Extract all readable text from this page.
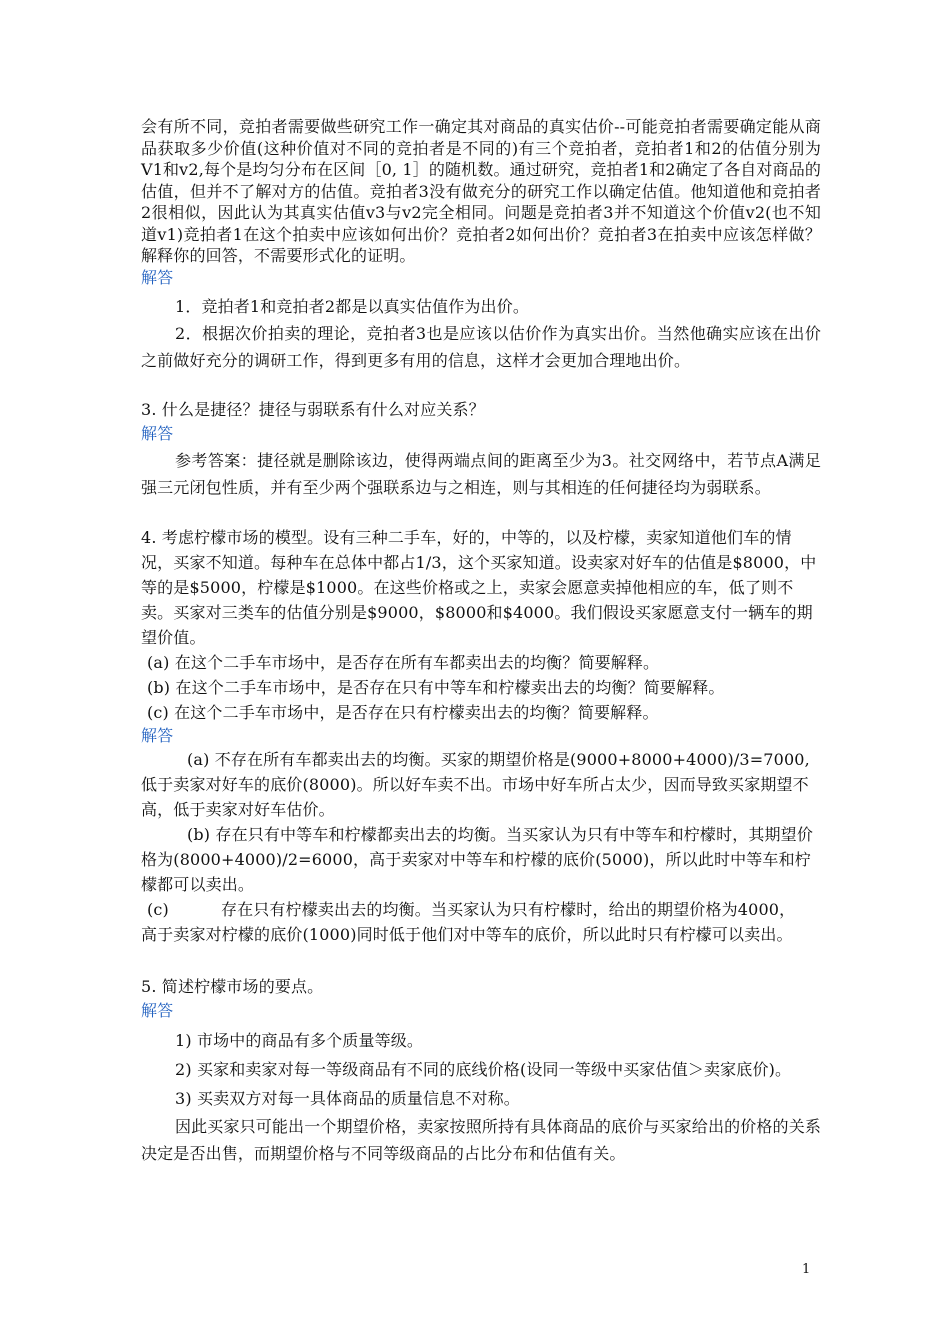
会有所不同，竞拍者需要做些研究工作一确定其对商品的真实估价--可能竞拍者需要确定能从商品获取多少价值(这种价值对不同的竞拍者是不同的)有三个竞拍者，竞拍者1和2的估值分别为V1和v2,每个是均匀分布在区间［0, 1］的随机数。通过研究，竞拍者1和2确定了各自对商品的估值，但并不了解对方的估值。竞拍者3没有做充分的研究工作以确定估值。他知道他和竞拍者2很相似，因此认为其真实估值v3与v2完全相同。问题是竞拍者3并不知道这个价值v2(也不知道v1)竞拍者1在这个拍卖中应该如何出价？竞拍者2如何出价？竞拍者3在拍卖中应该怎样做？解释你的回答，不需要形式化的证明。

解答

1．竞拍者1和竞拍者2都是以真实估值作为出价。

2．根据次价拍卖的理论，竞拍者3也是应该以估价作为真实出价。当然他确实应该在出价之前做好充分的调研工作，得到更多有用的信息，这样才会更加合理地出价。

3. 什么是捷径？捷径与弱联系有什么对应关系？

解答

参考答案：捷径就是删除该边，使得两端点间的距离至少为3。社交网络中，若节点A满足强三元闭包性质，并有至少两个强联系边与之相连，则与其相连的任何捷径均为弱联系。

4. 考虑柠檬市场的模型。设有三种二手车，好的，中等的，以及柠檬，卖家知道他们车的情况，买家不知道。每种车在总体中都占1/3，这个买家知道。设卖家对好车的估值是$8000，中等的是$5000，柠檬是$1000。在这些价格或之上，卖家会愿意卖掉他相应的车，低了则不卖。买家对三类车的估值分别是$9000，$8000和$4000。我们假设买家愿意支付一辆车的期望价值。

(a) 在这个二手车市场中，是否存在所有车都卖出去的均衡？简要解释。

(b) 在这个二手车市场中，是否存在只有中等车和柠檬卖出去的均衡？简要解释。

(c) 在这个二手车市场中，是否存在只有柠檬卖出去的均衡？简要解释。

解答

(a) 不存在所有车都卖出去的均衡。买家的期望价格是(9000+8000+4000)/3=7000, 低于卖家对好车的底价(8000)。所以好车卖不出。市场中好车所占太少，因而导致买家期望不高，低于卖家对好车估价。

(b) 存在只有中等车和柠檬都卖出去的均衡。当买家认为只有中等车和柠檬时，其期望价格为(8000+4000)/2=6000，高于卖家对中等车和柠檬的底价(5000)，所以此时中等车和柠檬都可以卖出。

(c)	存在只有柠檬卖出去的均衡。当买家认为只有柠檬时，给出的期望价格为4000，

高于卖家对柠檬的底价(1000)同时低于他们对中等车的底价，所以此时只有柠檬可以卖出。

5. 简述柠檬市场的要点。

解答

1) 市场中的商品有多个质量等级。

2) 买家和卖家对每一等级商品有不同的底线价格(设同一等级中买家估值＞卖家底价)。

3) 买卖双方对每一具体商品的质量信息不对称。

因此买家只可能出一个期望价格，卖家按照所持有具体商品的底价与买家给出的价格的关系决定是否出售，而期望价格与不同等级商品的占比分布和估值有关。

1
